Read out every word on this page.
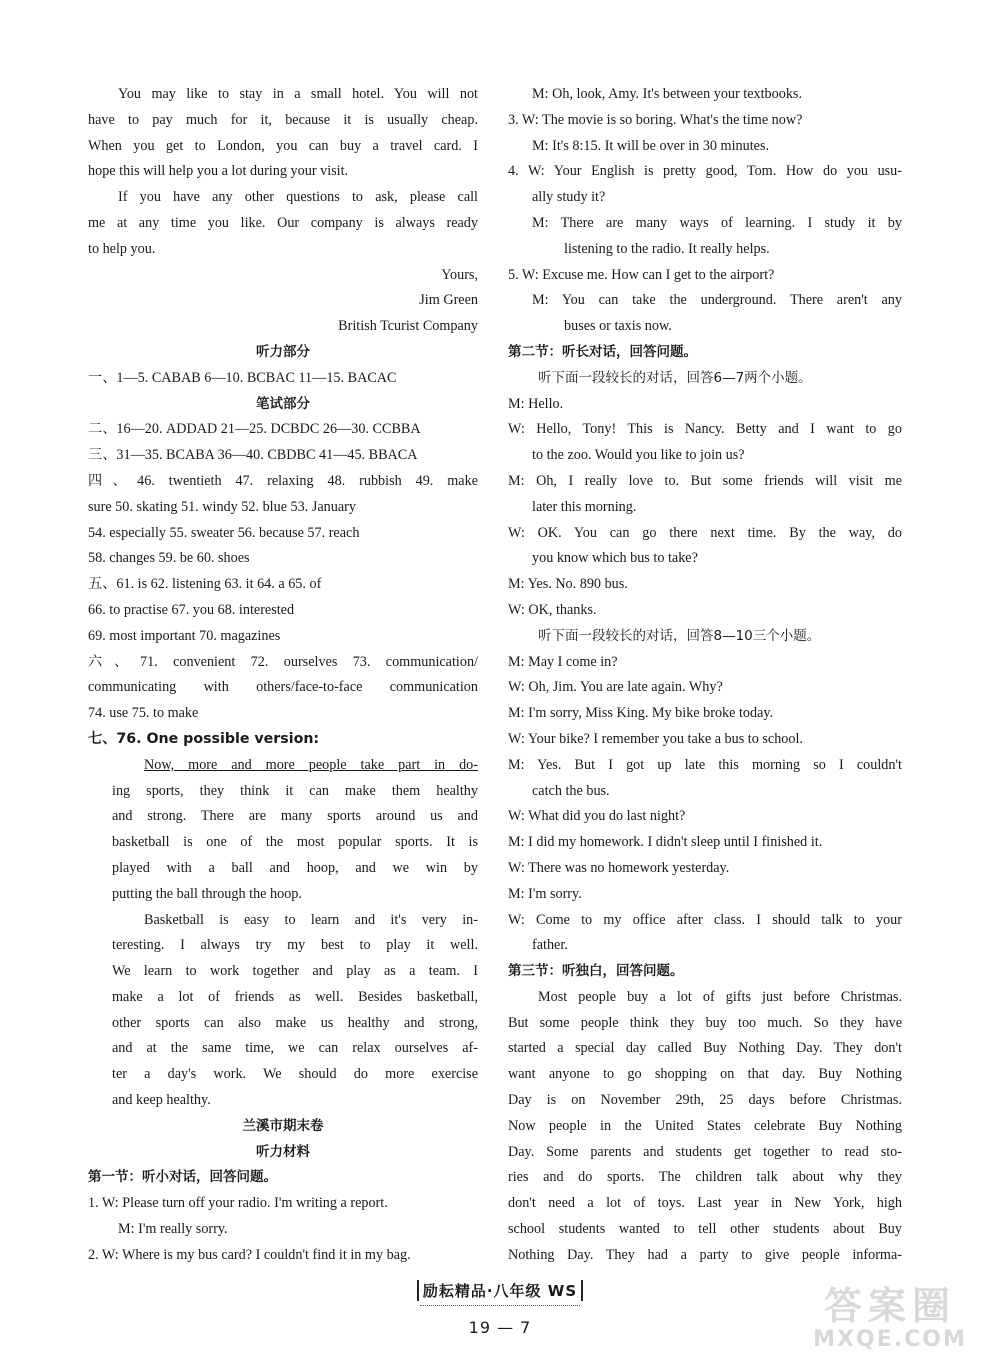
You may like to stay in a small hotel. You will not
have to pay much for it, because it is usually cheap.
When you get to London, you can buy a travel card. I
hope this will help you a lot during your visit.
If you have any other questions to ask, please call
me at any time you like. Our company is always ready
to help you.
Yours,
Jim Green
British Tcurist Company
听力部分
一、1—5. CABAB 6—10. BCBAC 11—15. BACAC
笔试部分
二、16—20. ADDAD 21—25. DCBDC 26—30. CCBBA
三、31—35. BCABA 36—40. CBDBC 41—45. BBACA
四、46. twentieth 47. relaxing 48. rubbish 49. make
sure 50. skating 51. windy 52. blue 53. January
54. especially 55. sweater 56. because 57. reach
58. changes 59. be 60. shoes
五、61. is 62. listening 63. it 64. a 65. of
66. to practise 67. you 68. interested
69. most important 70. magazines
六、71. convenient 72. ourselves 73. communication/
communicating with others/face-to-face communication
74. use 75. to make
七、76. One possible version:
Now, more and more people take part in do-
ing sports, they think it can make them healthy
and strong. There are many sports around us and
basketball is one of the most popular sports. It is
played with a ball and hoop, and we win by
putting the ball through the hoop.
Basketball is easy to learn and it's very in-
teresting. I always try my best to play it well.
We learn to work together and play as a team. I
make a lot of friends as well. Besides basketball,
other sports can also make us healthy and strong,
and at the same time, we can relax ourselves af-
ter a day's work. We should do more exercise
and keep healthy.
兰溪市期末卷
听力材料
第一节：听小对话，回答问题。
1. W: Please turn off your radio. I'm writing a report.
M: I'm really sorry.
2. W: Where is my bus card? I couldn't find it in my bag.
M: Oh, look, Amy. It's between your textbooks.
3. W: The movie is so boring. What's the time now?
M: It's 8:15. It will be over in 30 minutes.
4. W: Your English is pretty good, Tom. How do you usu-
ally study it?
M: There are many ways of learning. I study it by
listening to the radio. It really helps.
5. W: Excuse me. How can I get to the airport?
M: You can take the underground. There aren't any
buses or taxis now.
第二节：听长对话，回答问题。
听下面一段较长的对话，回答6—7两个小题。
M: Hello.
W: Hello, Tony! This is Nancy. Betty and I want to go
to the zoo. Would you like to join us?
M: Oh, I really love to. But some friends will visit me
later this morning.
W: OK. You can go there next time. By the way, do
you know which bus to take?
M: Yes. No. 890 bus.
W: OK, thanks.
听下面一段较长的对话，回答8—10三个小题。
M: May I come in?
W: Oh, Jim. You are late again. Why?
M: I'm sorry, Miss King. My bike broke today.
W: Your bike? I remember you take a bus to school.
M: Yes. But I got up late this morning so I couldn't
catch the bus.
W: What did you do last night?
M: I did my homework. I didn't sleep until I finished it.
W: There was no homework yesterday.
M: I'm sorry.
W: Come to my office after class. I should talk to your
father.
第三节：听独白，回答问题。
Most people buy a lot of gifts just before Christmas.
But some people think they buy too much. So they have
started a special day called Buy Nothing Day. They don't
want anyone to go shopping on that day. Buy Nothing
Day is on November 29th, 25 days before Christmas.
Now people in the United States celebrate Buy Nothing
Day. Some parents and students get together to read sto-
ries and do sports. The children talk about why they
don't need a lot of toys. Last year in New York, high
school students wanted to tell other students about Buy
Nothing Day. They had a party to give people informa-
励耘精品·八年级 WS
19 — 7	答案圈
MXQE.COM
